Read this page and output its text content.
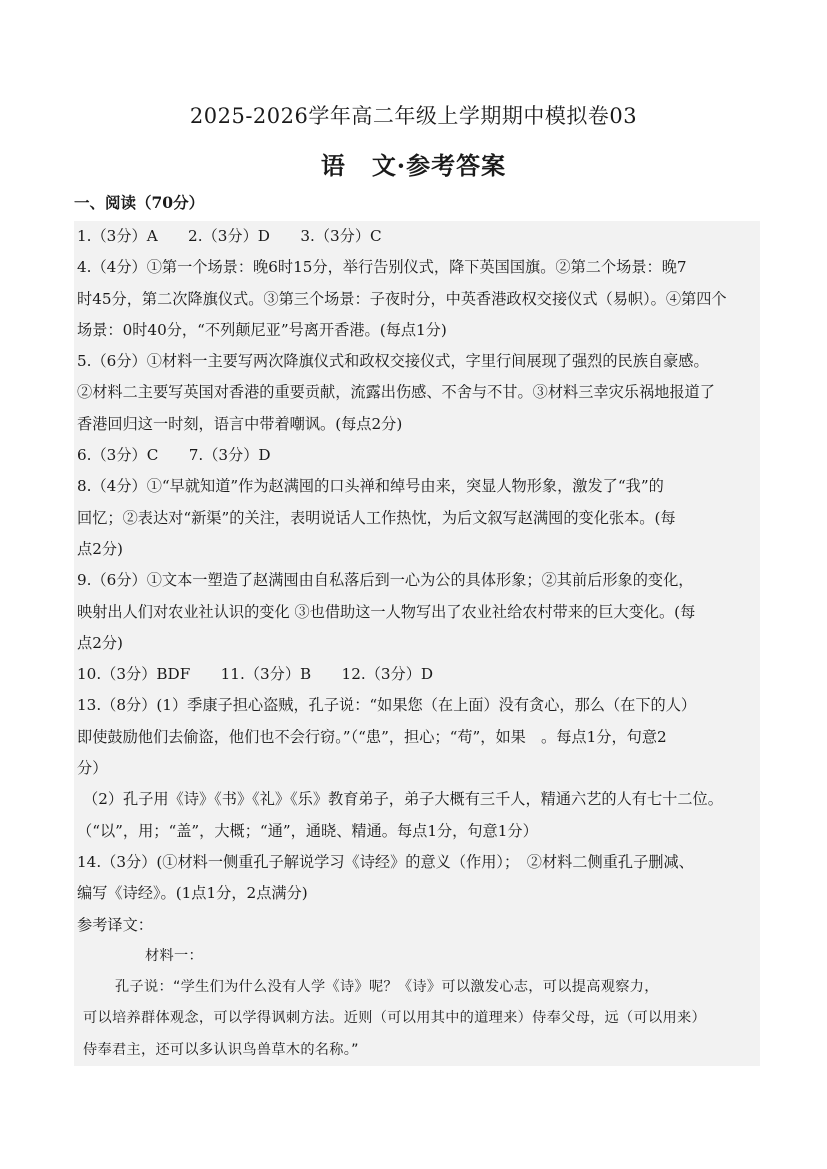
2025-2026学年高二年级上学期期中模拟卷03
语 文·参考答案
一、阅读（70分）
1.（3分）A　　2.（3分）D　　3.（3分）C
4.（4分）①第一个场景：晚6时15分，举行告别仪式，降下英国国旗。②第二个场景：晚7
时45分，第二次降旗仪式。③第三个场景：子夜时分，中英香港政权交接仪式（易帜）。④第四个
场景：0时40分，“不列颠尼亚”号离开香港。(每点1分)
5.（6分）①材料一主要写两次降旗仪式和政权交接仪式，字里行间展现了强烈的民族自豪感。
②材料二主要写英国对香港的重要贡献，流露出伤感、不舍与不甘。③材料三幸灾乐祸地报道了
香港回归这一时刻，语言中带着嘲讽。(每点2分)
6.（3分）C　　7.（3分）D
8.（4分）①“早就知道”作为赵满囤的口头禅和绰号由来，突显人物形象，激发了“我”的
回忆；②表达对“新渠”的关注，表明说话人工作热忱，为后文叙写赵满囤的变化张本。(每
点2分)
9.（6分）①文本一塑造了赵满囤由自私落后到一心为公的具体形象；②其前后形象的变化，
映射出人们对农业社认识的变化 ③也借助这一人物写出了农业社给农村带来的巨大变化。(每
点2分)
10.（3分）BDF　　11.（3分）B　　12.（3分）D
13.（8分）(1）季康子担心盗贼，孔子说：“如果您（在上面）没有贪心，那么（在下的人）
即使鼓励他们去偷盗，他们也不会行窃。”（“患”，担心；“苟”，如果　。每点1分，句意2
分）
（2）孔子用《诗》《书》《礼》《乐》教育弟子，弟子大概有三千人，精通六艺的人有七十二位。
（“以”，用；“盖”，大概；“通”，通晓、精通。每点1分，句意1分）
14.（3分）(①材料一侧重孔子解说学习《诗经》的意义（作用）；　②材料二侧重孔子删减、
编写《诗经》。(1点1分，2点满分)
参考译文：
材料一：
孔子说：“学生们为什么没有人学《诗》呢？《诗》可以激发心志，可以提高观察力，
可以培养群体观念，可以学得讽刺方法。近则（可以用其中的道理来）侍奉父母，远（可以用来）
侍奉君主，还可以多认识鸟兽草木的名称。”
